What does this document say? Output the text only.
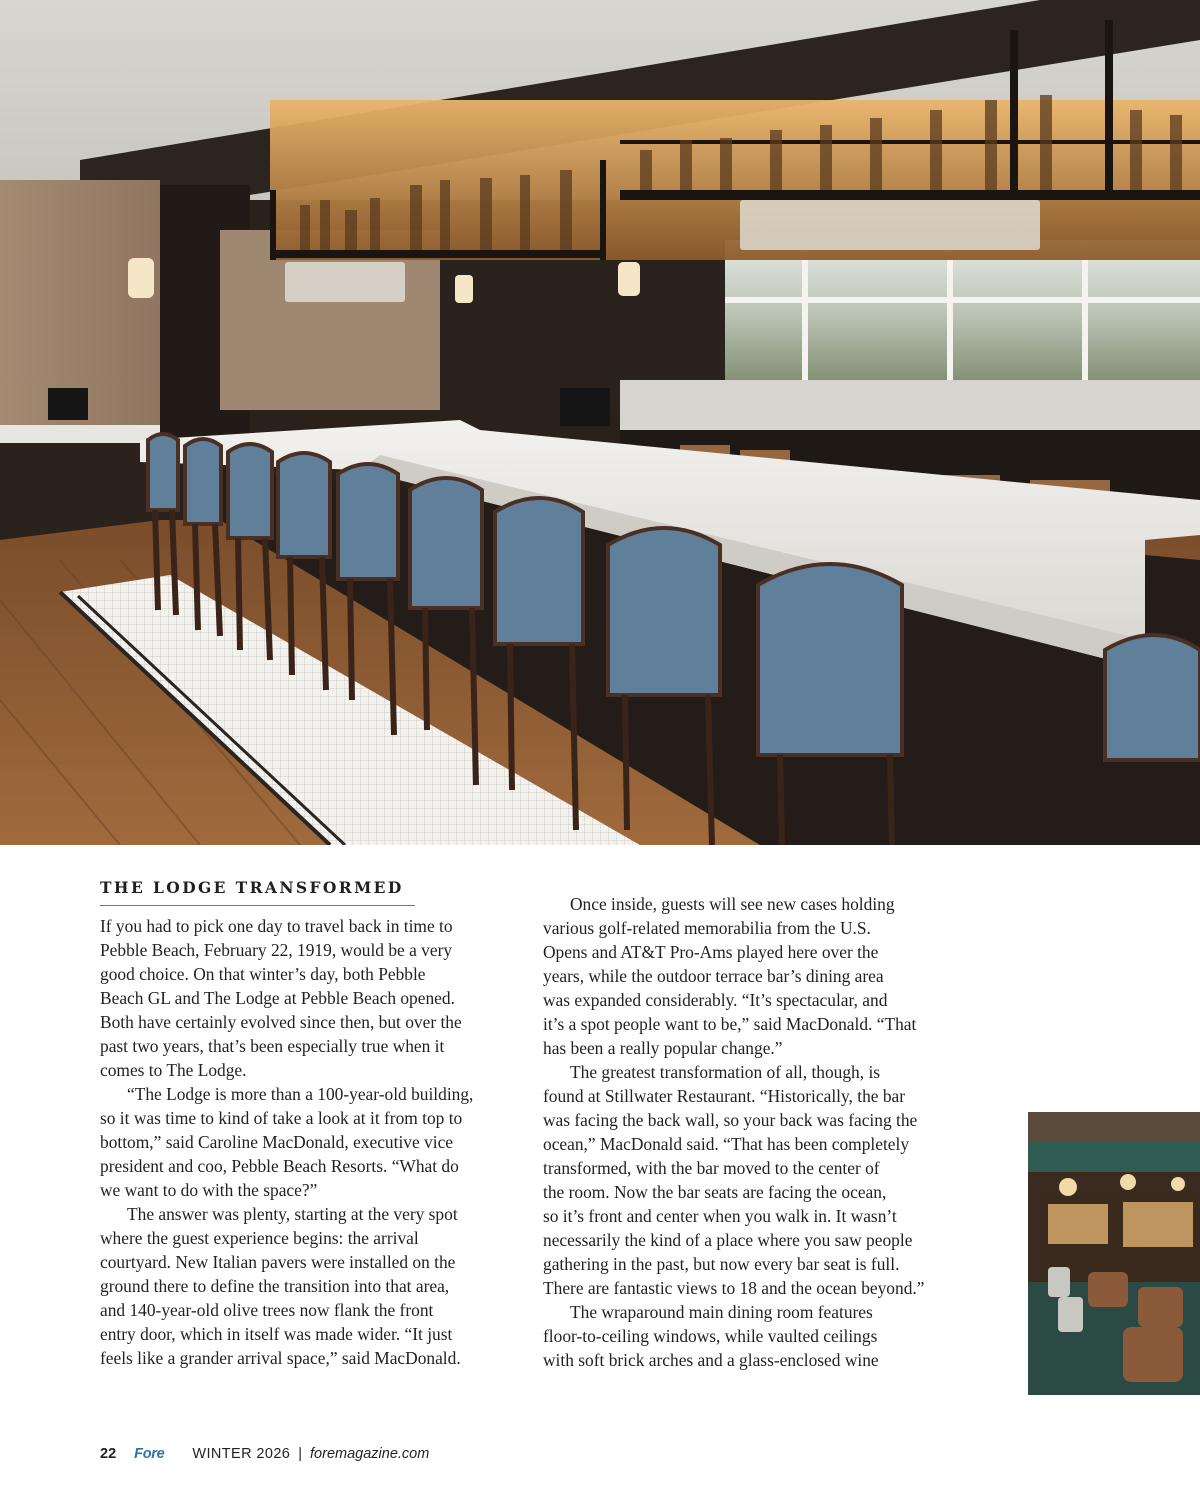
THE LODGE TRANSFORMED

If you had to pick one day to travel back in time to
Pebble Beach, February 22, 1919, would be a very
good choice. On that winter’s day, both Pebble
Beach GL and The Lodge at Pebble Beach opened.
Both have certainly evolved since then, but over the
past two years, that’s been especially true when it
comes to The Lodge.

“The Lodge is more than a 100-year-old building,
so it was time to kind of take a look at it from top to
bottom,” said Caroline MacDonald, executive vice
president and coo, Pebble Beach Resorts. “What do
we want to do with the space?”

The answer was plenty, starting at the very spot
where the guest experience begins: the arrival
courtyard. New Italian pavers were installed on the
ground there to define the transition into that area,
and 140-year-old olive trees now flank the front
entry door, which in itself was made wider. “It just
feels like a grander arrival space,” said MacDonald.

Once inside, guests will see new cases holding
various golf-related memorabilia from the U.S.
Opens and AT&T Pro-Ams played here over the
years, while the outdoor terrace bar’s dining area
was expanded considerably. “It’s spectacular, and
it’s a spot people want to be,” said MacDonald. “That
has been a really popular change.”

The greatest transformation of all, though, is
found at Stillwater Restaurant. “Historically, the bar
was facing the back wall, so your back was facing the
ocean,” MacDonald said. “That has been completely
transformed, with the bar moved to the center of
the room. Now the bar seats are facing the ocean,
so it’s front and center when you walk in. It wasn’t
necessarily the kind of a place where you saw people
gathering in the past, but now every bar seat is full.
There are fantastic views to 18 and the ocean beyond.”

The wraparound main dining room features
floor-to-ceiling windows, while vaulted ceilings
with soft brick arches and a glass-enclosed wine

22 Fore WINTER 2026 | foremagazine.com
